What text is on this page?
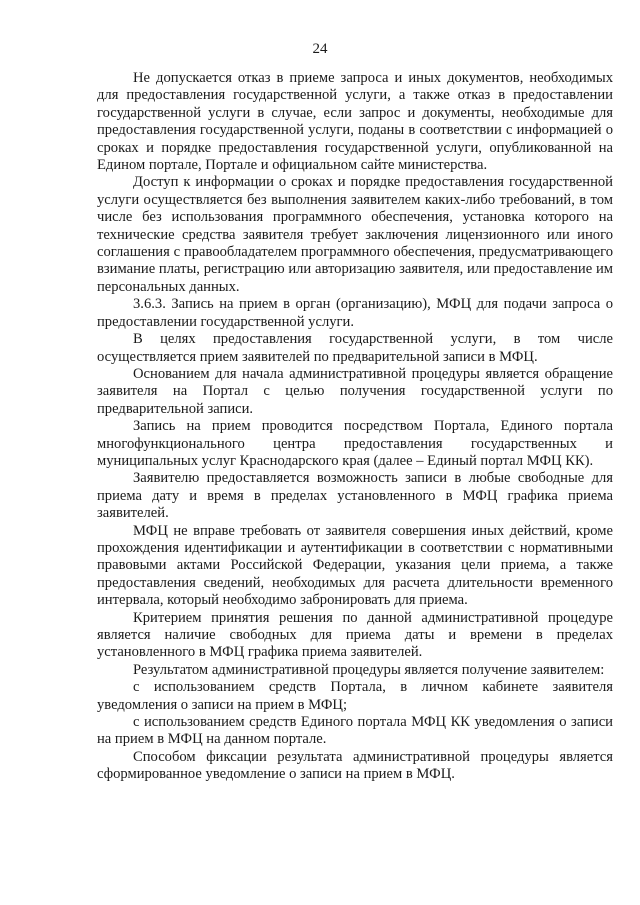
24

Не допускается отказ в приеме запроса и иных документов, необходимых для предоставления государственной услуги, а также отказ в предоставлении государственной услуги в случае, если запрос и документы, необходимые для предоставления государственной услуги, поданы в соответствии с информацией о сроках и порядке предоставления государственной услуги, опубликованной на Едином портале, Портале и официальном сайте министерства.

Доступ к информации о сроках и порядке предоставления государственной услуги осуществляется без выполнения заявителем каких-либо требований, в том числе без использования программного обеспечения, установка которого на технические средства заявителя требует заключения лицензионного или иного соглашения с правообладателем программного обеспечения, предусматривающего взимание платы, регистрацию или авторизацию заявителя, или предоставление им персональных данных.

3.6.3. Запись на прием в орган (организацию), МФЦ для подачи запроса о предоставлении государственной услуги.

В целях предоставления государственной услуги, в том числе осуществляется прием заявителей по предварительной записи в МФЦ.

Основанием для начала административной процедуры является обращение заявителя на Портал с целью получения государственной услуги по предварительной записи.

Запись на прием проводится посредством Портала, Единого портала многофункционального центра предоставления государственных и муниципальных услуг Краснодарского края (далее – Единый портал МФЦ КК).

Заявителю предоставляется возможность записи в любые свободные для приема дату и время в пределах установленного в МФЦ графика приема заявителей.

МФЦ не вправе требовать от заявителя совершения иных действий, кроме прохождения идентификации и аутентификации в соответствии с нормативными правовыми актами Российской Федерации, указания цели приема, а также предоставления сведений, необходимых для расчета длительности временного интервала, который необходимо забронировать для приема.

Критерием принятия решения по данной административной процедуре является наличие свободных для приема даты и времени в пределах установленного в МФЦ графика приема заявителей.

Результатом административной процедуры является получение заявителем:

с использованием средств Портала, в личном кабинете заявителя уведомления о записи на прием в МФЦ;

с использованием средств Единого портала МФЦ КК уведомления о записи на прием в МФЦ на данном портале.

Способом фиксации результата административной процедуры является сформированное уведомление о записи на прием в МФЦ.
